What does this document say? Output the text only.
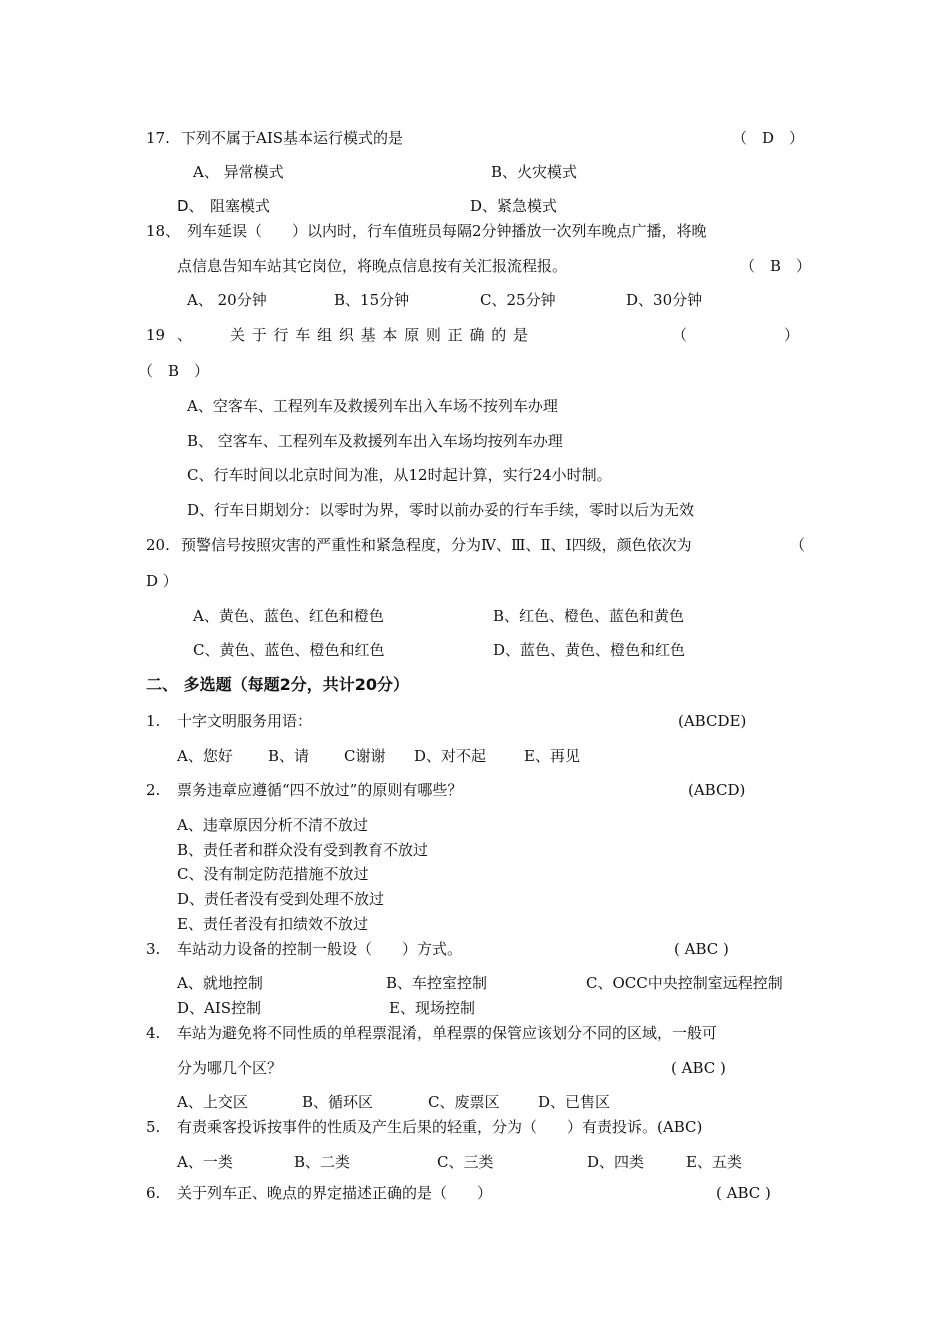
17. 下列不属于AIS基本运行模式的是	（　D　）
A、 异常模式	B、火灾模式
D、 阻塞模式	D、紧急模式
18、 列车延误（　　）以内时，行车值班员每隔2分钟播放一次列车晚点广播，将晚
点信息告知车站其它岗位，将晚点信息按有关汇报流程报。	（　B　）
A、 20分钟	B、15分钟	C、25分钟	D、30分钟
19 、	关 于 行 车 组 织 基 本 原 则 正 确 的 是	（	）
（　B　）
A、空客车、工程列车及救援列车出入车场不按列车办理
B、 空客车、工程列车及救援列车出入车场均按列车办理
C、行车时间以北京时间为准，从12时起计算，实行24小时制。
D、行车日期划分：以零时为界，零时以前办妥的行车手续，零时以后为无效
20. 预警信号按照灾害的严重性和紧急程度，分为Ⅳ、Ⅲ、Ⅱ、Ⅰ四级，颜色依次为	（
D ）
A、黄色、蓝色、红色和橙色	B、红色、橙色、蓝色和黄色
C、黄色、蓝色、橙色和红色	D、蓝色、黄色、橙色和红色
二、 多选题（每题2分，共计20分）
1. 十字文明服务用语：	(ABCDE)
A、您好 B、请 C谢谢 D、对不起	E、再见
2. 票务违章应遵循“四不放过”的原则有哪些？	(ABCD)
A、违章原因分析不清不放过
B、责任者和群众没有受到教育不放过
C、没有制定防范措施不放过
D、责任者没有受到处理不放过
E、责任者没有扣绩效不放过
3. 车站动力设备的控制一般设（　　）方式。	( ABC )
A、就地控制	B、车控室控制	C、OCC中央控制室远程控制
D、AIS控制	E、现场控制
4. 车站为避免将不同性质的单程票混淆，单程票的保管应该划分不同的区域，一般可
分为哪几个区？	( ABC )
A、上交区	B、循环区	C、废票区	D、已售区
5. 有责乘客投诉按事件的性质及产生后果的轻重，分为（　　）有责投诉。(ABC)
A、一类	B、二类	C、三类	D、四类	E、五类
6. 关于列车正、晚点的界定描述正确的是（　　）	( ABC )
